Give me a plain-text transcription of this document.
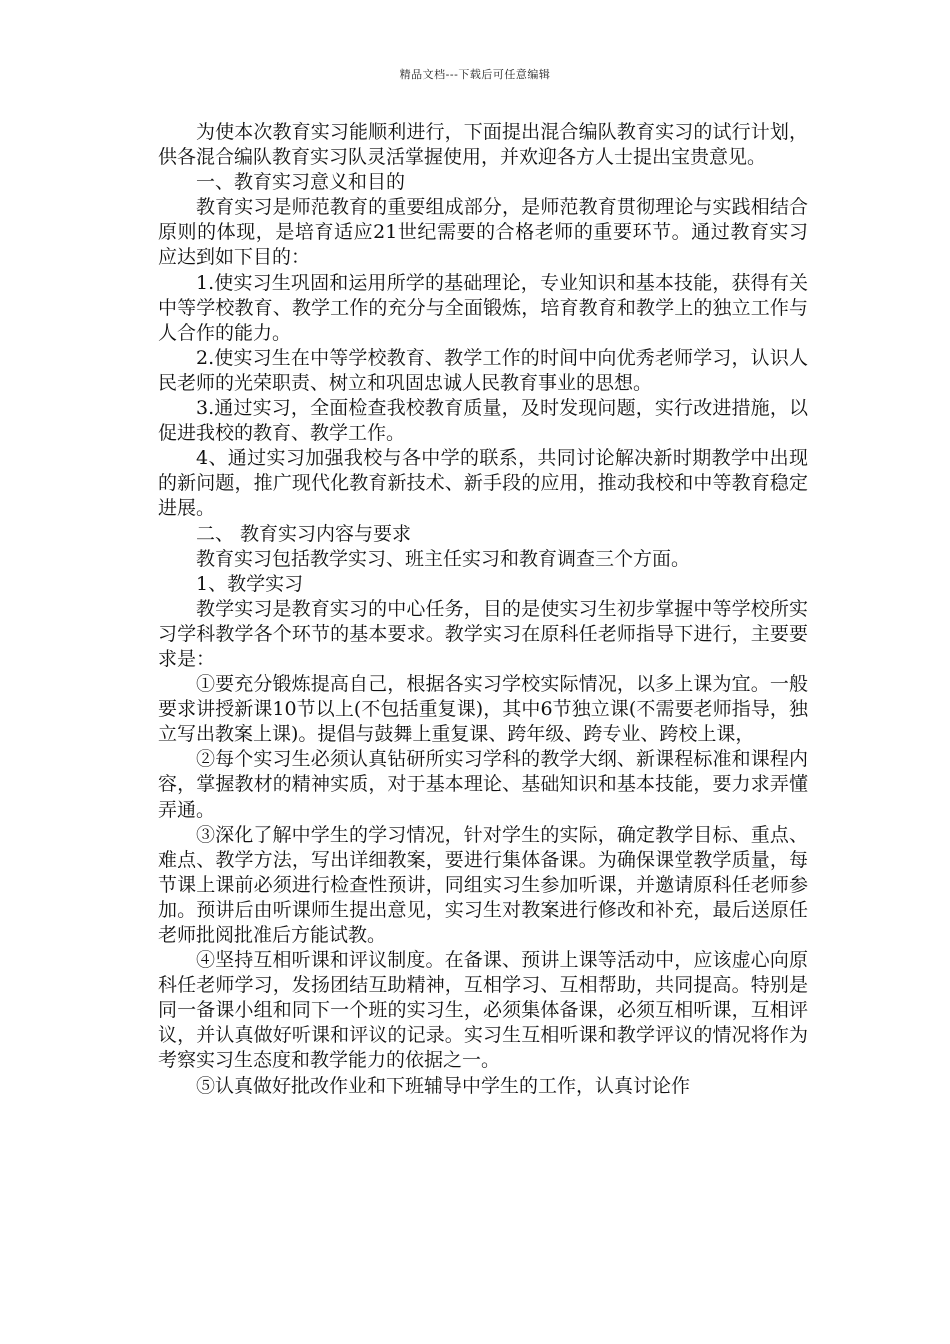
精品文档---下载后可任意编辑

为使本次教育实习能顺利进行，下面提出混合编队教育实习的试行计划，供各混合编队教育实习队灵活掌握使用，并欢迎各方人士提出宝贵意见。

一、教育实习意义和目的

教育实习是师范教育的重要组成部分，是师范教育贯彻理论与实践相结合原则的体现，是培育适应21世纪需要的合格老师的重要环节。通过教育实习应达到如下目的：

1.使实习生巩固和运用所学的基础理论，专业知识和基本技能，获得有关中等学校教育、教学工作的充分与全面锻炼，培育教育和教学上的独立工作与人合作的能力。

2.使实习生在中等学校教育、教学工作的时间中向优秀老师学习，认识人民老师的光荣职责、树立和巩固忠诚人民教育事业的思想。

3.通过实习，全面检查我校教育质量，及时发现问题，实行改进措施，以促进我校的教育、教学工作。

4、通过实习加强我校与各中学的联系，共同讨论解决新时期教学中出现的新问题，推广现代化教育新技术、新手段的应用，推动我校和中等教育稳定进展。

二、 教育实习内容与要求

教育实习包括教学实习、班主任实习和教育调查三个方面。

1、教学实习

教学实习是教育实习的中心任务，目的是使实习生初步掌握中等学校所实习学科教学各个环节的基本要求。教学实习在原科任老师指导下进行，主要要求是：

①要充分锻炼提高自己，根据各实习学校实际情况，以多上课为宜。一般要求讲授新课10节以上(不包括重复课)，其中6节独立课(不需要老师指导，独立写出教案上课)。提倡与鼓舞上重复课、跨年级、跨专业、跨校上课，

②每个实习生必须认真钻研所实习学科的教学大纲、新课程标准和课程内容，掌握教材的精神实质，对于基本理论、基础知识和基本技能，要力求弄懂弄通。

③深化了解中学生的学习情况，针对学生的实际，确定教学目标、重点、难点、教学方法，写出详细教案，要进行集体备课。为确保课堂教学质量，每节课上课前必须进行检查性预讲，同组实习生参加听课，并邀请原科任老师参加。预讲后由听课师生提出意见，实习生对教案进行修改和补充，最后送原任老师批阅批准后方能试教。

④坚持互相听课和评议制度。在备课、预讲上课等活动中，应该虚心向原科任老师学习，发扬团结互助精神，互相学习、互相帮助，共同提高。特别是同一备课小组和同下一个班的实习生，必须集体备课，必须互相听课，互相评议，并认真做好听课和评议的记录。实习生互相听课和教学评议的情况将作为考察实习生态度和教学能力的依据之一。

⑤认真做好批改作业和下班辅导中学生的工作，认真讨论作
